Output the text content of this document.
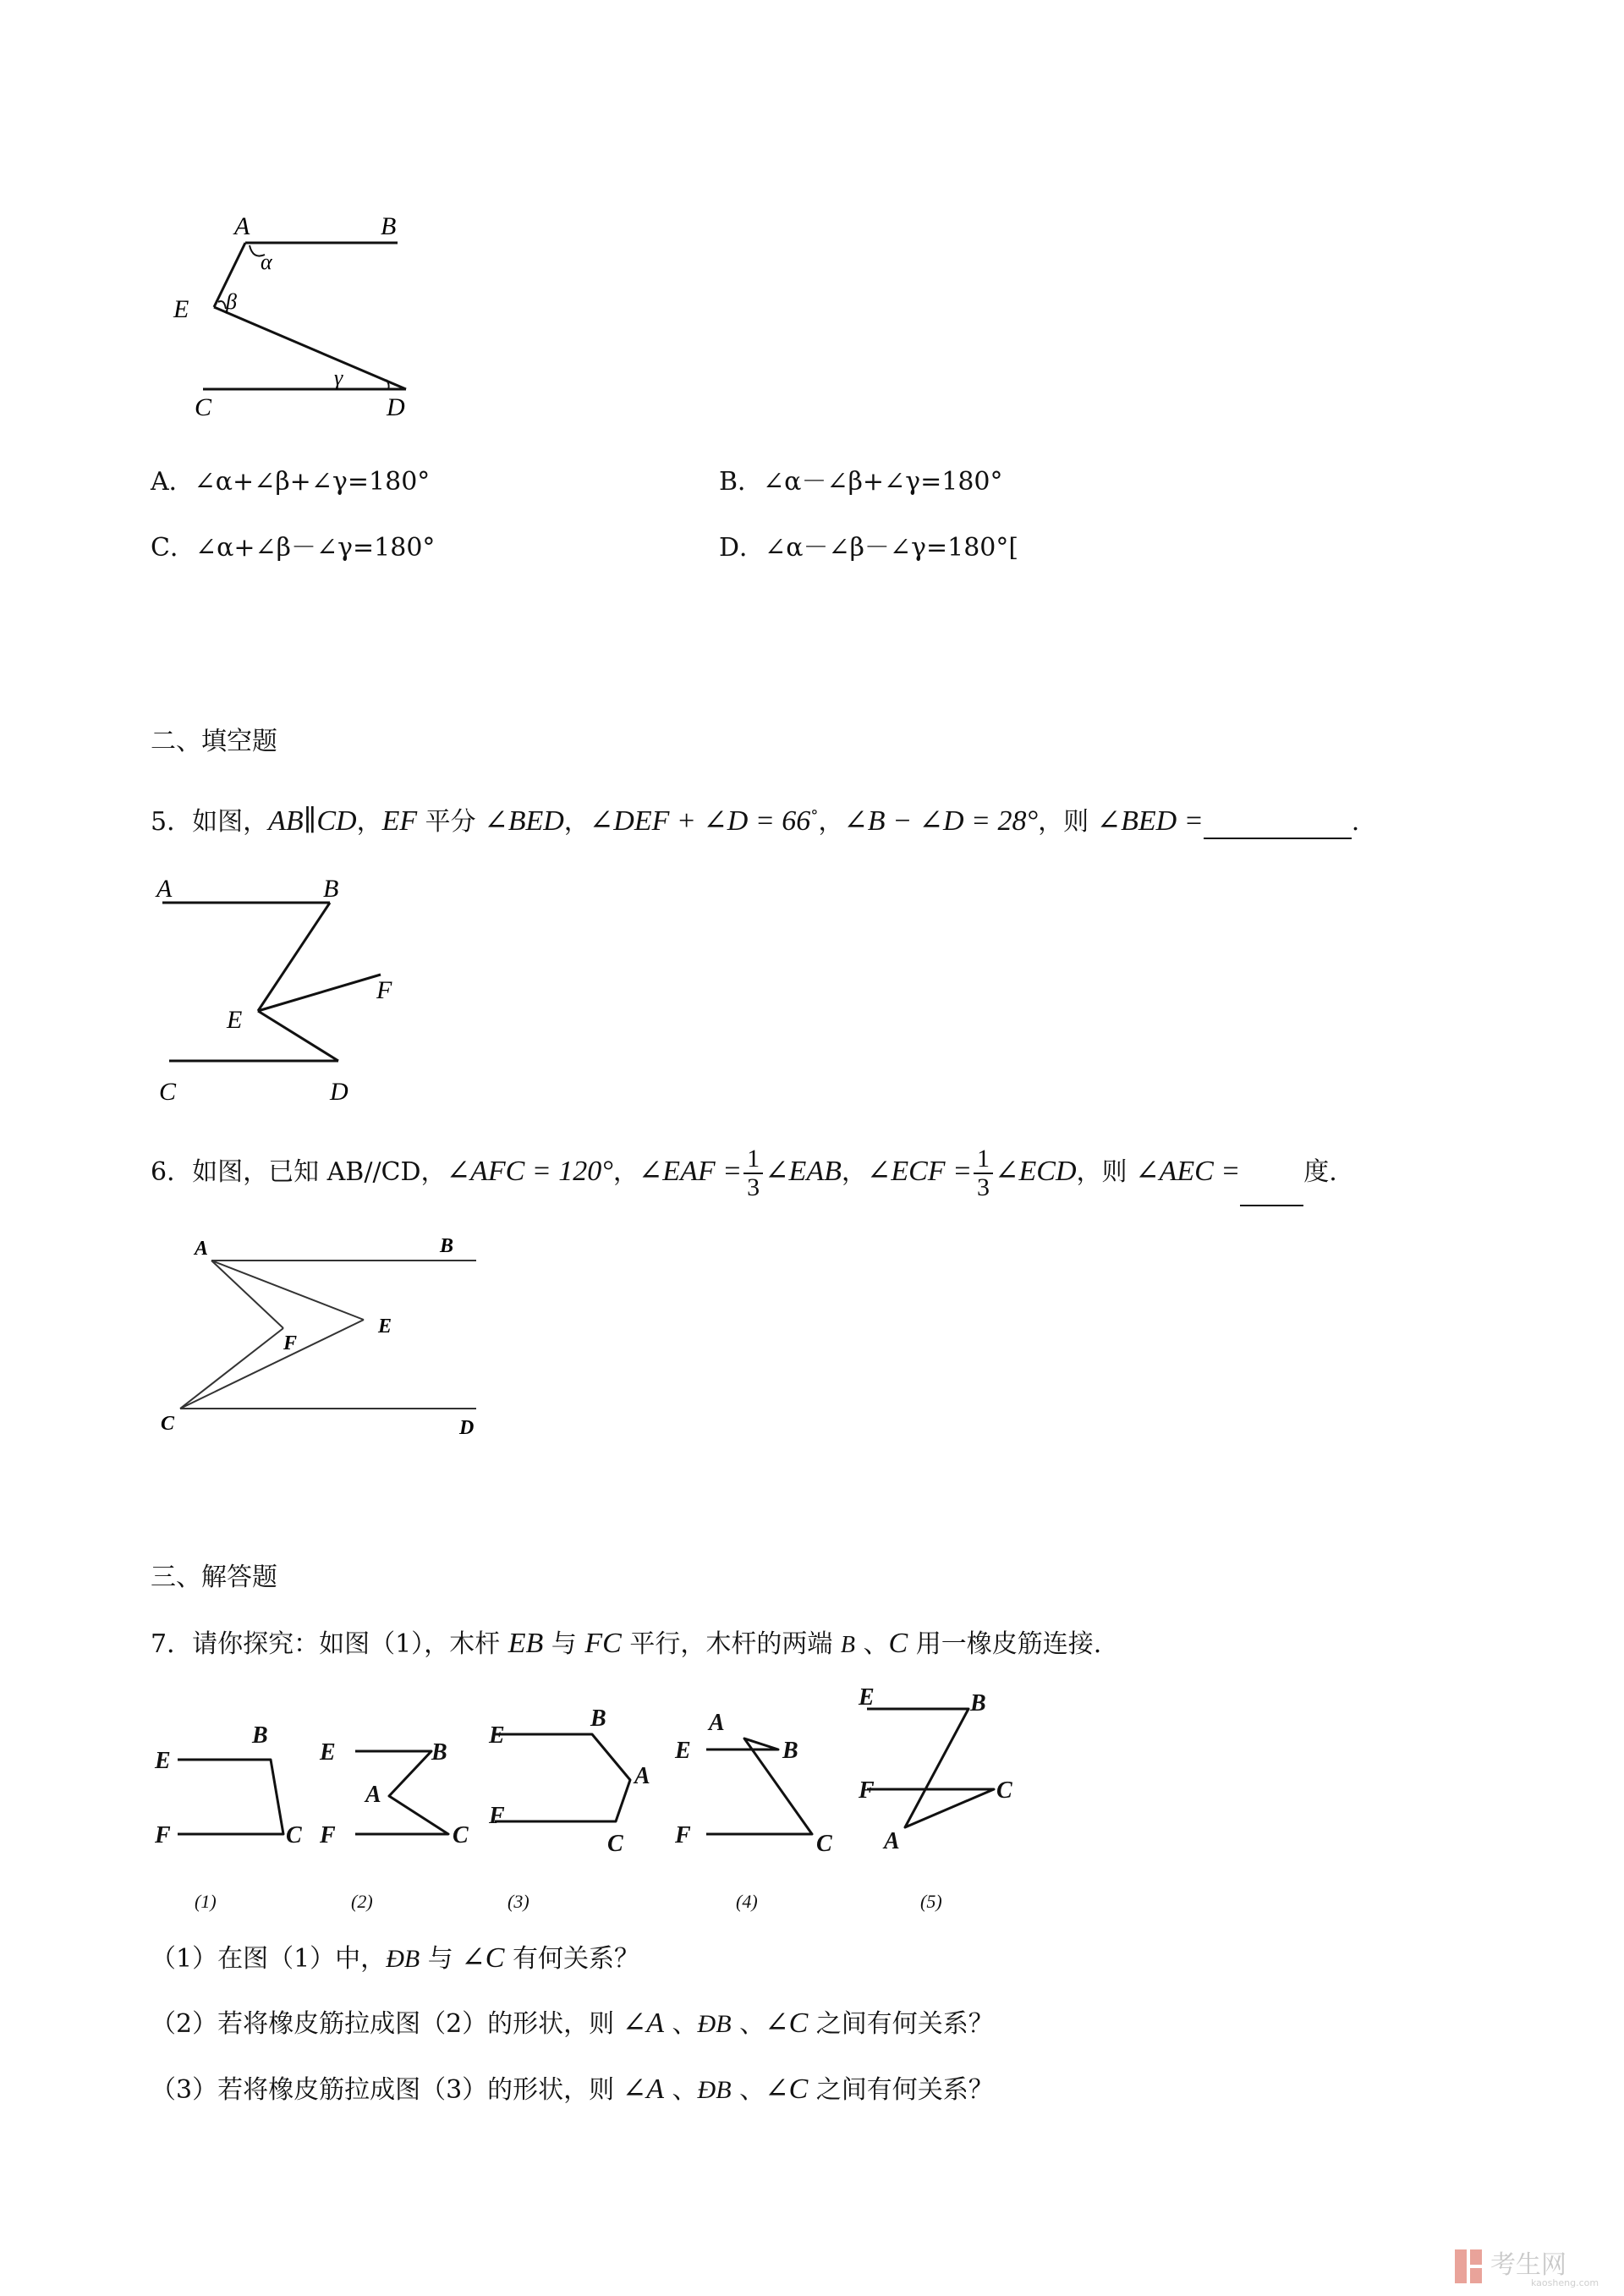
A	B
α
E β
γ
C	D
A．∠α+∠β+∠γ=180°	B．∠α－∠β+∠γ=180°
C．∠α+∠β－∠γ=180°	D．∠α－∠β－∠γ=180°[
二、填空题
5．如图，AB∥CD，EF 平分 ∠BED，∠DEF + ∠D = 66°，∠B − ∠D = 28°，则 ∠BED =	.
A	B
F
E
C	D
6．如图，已知 AB//CD，∠AFC = 120°，∠EAF = $\frac{1}{3}$ ∠EAB，∠ECF = $\frac{1}{3}$ ∠ECD，则 ∠AEC =	度.
A	B
E
F
C	D
三、解答题
7．请你探究：如图（1），木杆 EB 与 FC 平行，木杆的两端 B 、C 用一橡皮筋连接.
E
B
F	C
E	B
A
F	C
E
B
A
F
C
A
E	B
F	C
E	B
F	C
A
(1)	(2)	(3)	(4)	(5)
（1）在图（1）中，ÐB 与 ∠C 有何关系？
（2）若将橡皮筋拉成图（2）的形状，则 ∠A 、ÐB 、∠C 之间有何关系？
（3）若将橡皮筋拉成图（3）的形状，则 ∠A 、ÐB 、∠C 之间有何关系？
考生网
kaosheng.com
